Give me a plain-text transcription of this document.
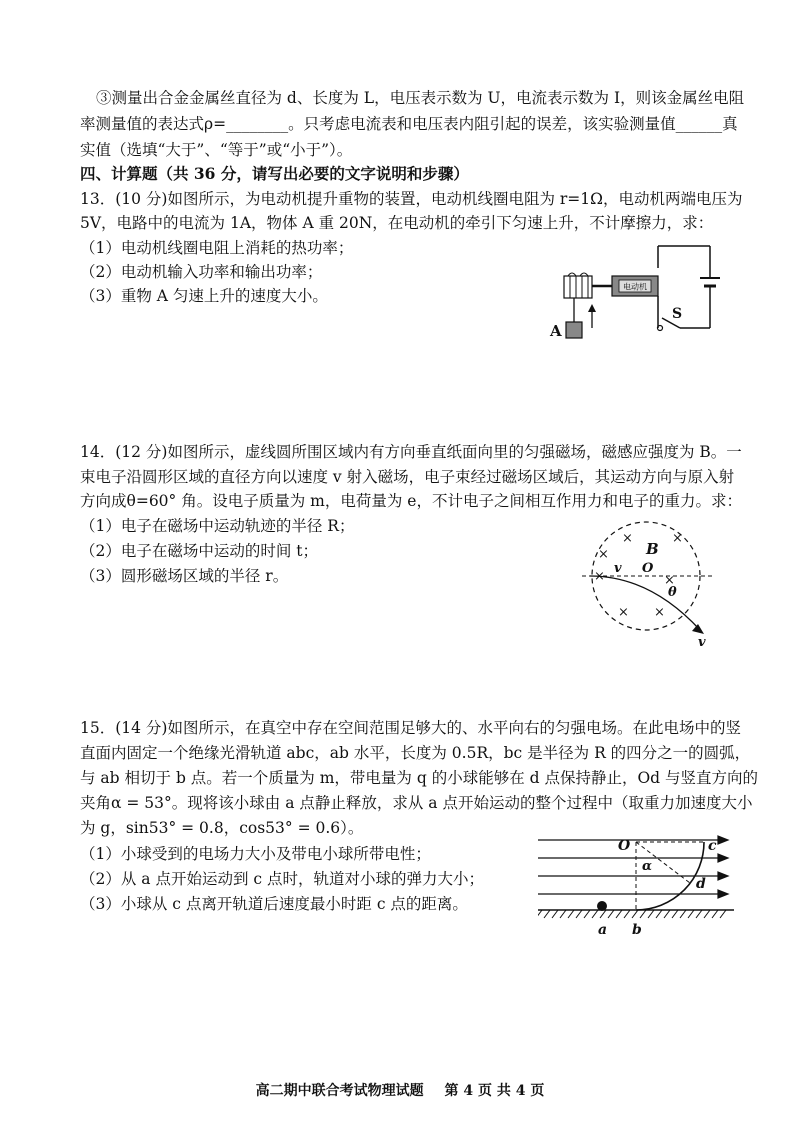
③测量出合金金属丝直径为 d、长度为 L，电压表示数为 U，电流表示数为 I，则该金属丝电阻
率测量值的表达式ρ=________。只考虑电流表和电压表内阻引起的误差，该实验测量值______真
实值（选填“大于”、“等于”或“小于”）。
四、计算题（共 36 分，请写出必要的文字说明和步骤）
13．(10 分)如图所示，为电动机提升重物的装置，电动机线圈电阻为 r=1Ω，电动机两端电压为
5V，电路中的电流为 1A，物体 A 重 20N，在电动机的牵引下匀速上升，不计摩擦力，求：
（1）电动机线圈电阻上消耗的热功率；
（2）电动机输入功率和输出功率；
（3）重物 A 匀速上升的速度大小。	电动机
A
S
14．(12 分)如图所示，虚线圆所围区域内有方向垂直纸面向里的匀强磁场，磁感应强度为 B。一
束电子沿圆形区域的直径方向以速度 v 射入磁场，电子束经过磁场区域后，其运动方向与原入射
方向成θ=60° 角。设电子质量为 m，电荷量为 e，不计电子之间相互作用力和电子的重力。求：
（1）电子在磁场中运动轨迹的半径 R；
（2）电子在磁场中运动的时间 t；
（3）圆形磁场区域的半径 r。
×	×
×
×	×
× ×
B
O
v
θ
v
15．(14 分)如图所示，在真空中存在空间范围足够大的、水平向右的匀强电场。在此电场中的竖
直面内固定一个绝缘光滑轨道 abc，ab 水平，长度为 0.5R，bc 是半径为 R 的四分之一的圆弧，
与 ab 相切于 b 点。若一个质量为 m，带电量为 q 的小球能够在 d 点保持静止，Od 与竖直方向的
夹角α = 53°。现将该小球由 a 点静止释放，求从 a 点开始运动的整个过程中（取重力加速度大小
为 g，sin53° = 0.8，cos53° = 0.6）。
（1）小球受到的电场力大小及带电小球所带电性；
（2）从 a 点开始运动到 c 点时，轨道对小球的弹力大小；
（3）小球从 c 点离开轨道后速度最小时距 c 点的距离。
O	c
α
d
a b
高二期中联合考试物理试题 第 4 页 共 4 页
